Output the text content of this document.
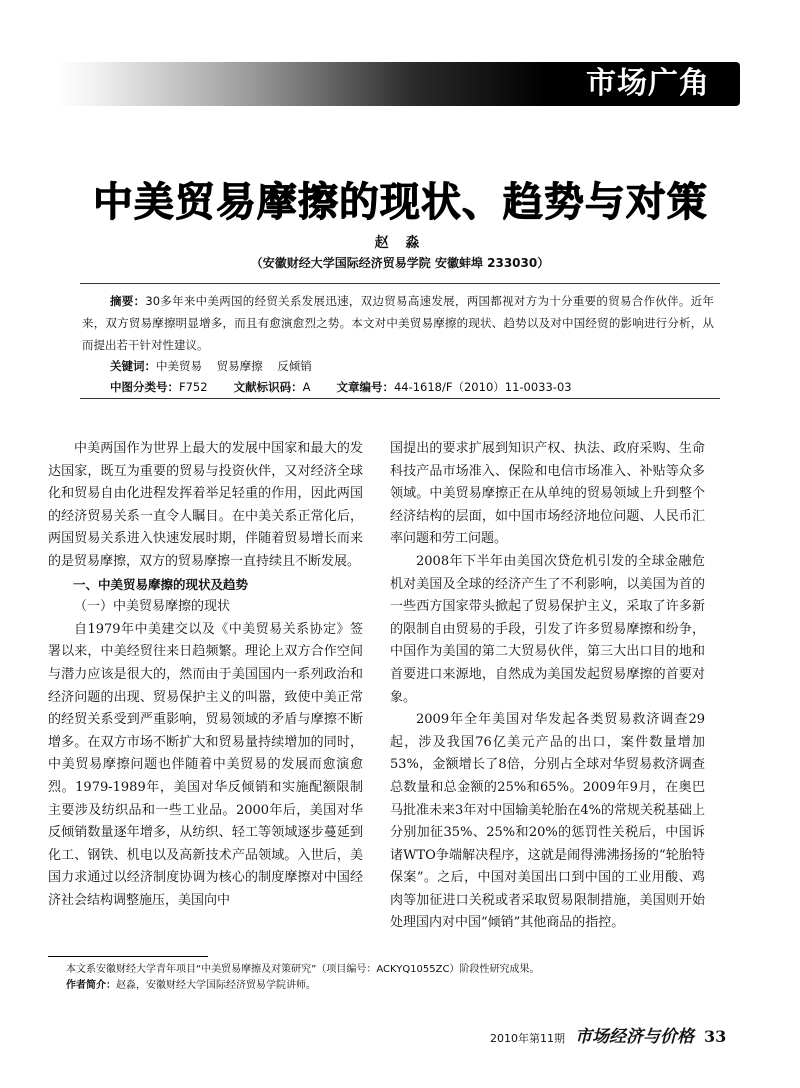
市场广角
中美贸易摩擦的现状、趋势与对策
赵 淼
（安徽财经大学国际经济贸易学院 安徽蚌埠 233030）
摘要：30多年来中美两国的经贸关系发展迅速，双边贸易高速发展，两国都视对方为十分重要的贸易合作伙伴。近年来，双方贸易摩擦明显增多，而且有愈演愈烈之势。本文对中美贸易摩擦的现状、趋势以及对中国经贸的影响进行分析，从而提出若干针对性建议。
关键词：中美贸易    贸易摩擦    反倾销
中图分类号：F752 文献标识码：A 文章编号：44-1618/F（2010）11-0033-03

中美两国作为世界上最大的发展中国家和最大的发达国家，既互为重要的贸易与投资伙伴，又对经济全球化和贸易自由化进程发挥着举足轻重的作用，因此两国的经济贸易关系一直令人瞩目。在中美关系正常化后，两国贸易关系进入快速发展时期，伴随着贸易增长而来的是贸易摩擦，双方的贸易摩擦一直持续且不断发展。

一、中美贸易摩擦的现状及趋势

（一）中美贸易摩擦的现状

自1979年中美建交以及《中美贸易关系协定》签署以来，中美经贸往来日趋频繁。理论上双方合作空间与潜力应该是很大的，然而由于美国国内一系列政治和经济问题的出现、贸易保护主义的叫嚣，致使中美正常的经贸关系受到严重影响，贸易领域的矛盾与摩擦不断增多。在双方市场不断扩大和贸易量持续增加的同时，中美贸易摩擦问题也伴随着中美贸易的发展而愈演愈烈。1979-1989年，美国对华反倾销和实施配额限制主要涉及纺织品和一些工业品。2000年后，美国对华反倾销数量逐年增多，从纺织、轻工等领域逐步蔓延到化工、钢铁、机电以及高新技术产品领域。入世后，美国力求通过以经济制度协调为核心的制度摩擦对中国经济社会结构调整施压，美国向中

国提出的要求扩展到知识产权、执法、政府采购、生命科技产品市场准入、保险和电信市场准入、补贴等众多领域。中美贸易摩擦正在从单纯的贸易领域上升到整个经济结构的层面，如中国市场经济地位问题、人民币汇率问题和劳工问题。

2008年下半年由美国次贷危机引发的全球金融危机对美国及全球的经济产生了不利影响，以美国为首的一些西方国家带头掀起了贸易保护主义，采取了许多新的限制自由贸易的手段，引发了许多贸易摩擦和纷争，中国作为美国的第二大贸易伙伴，第三大出口目的地和首要进口来源地，自然成为美国发起贸易摩擦的首要对象。

2009年全年美国对华发起各类贸易救济调查29起，涉及我国76亿美元产品的出口，案件数量增加53%，金额增长了8倍，分别占全球对华贸易救济调查总数量和总金额的25%和65%。2009年9月，在奥巴马批准未来3年对中国输美轮胎在4%的常规关税基础上分别加征35%、25%和20%的惩罚性关税后，中国诉诸WTO争端解决程序，这就是闹得沸沸扬扬的“轮胎特保案”。之后，中国对美国出口到中国的工业用酸、鸡肉等加征进口关税或者采取贸易限制措施，美国则开始处理国内对中国“倾销”其他商品的指控。

本文系安徽财经大学青年项目“中美贸易摩擦及对策研究”（项目编号：ACKYQ1055ZC）阶段性研究成果。
作者简介：赵淼，安徽财经大学国际经济贸易学院讲师。
2010年第11期 市场经济与价格 33
